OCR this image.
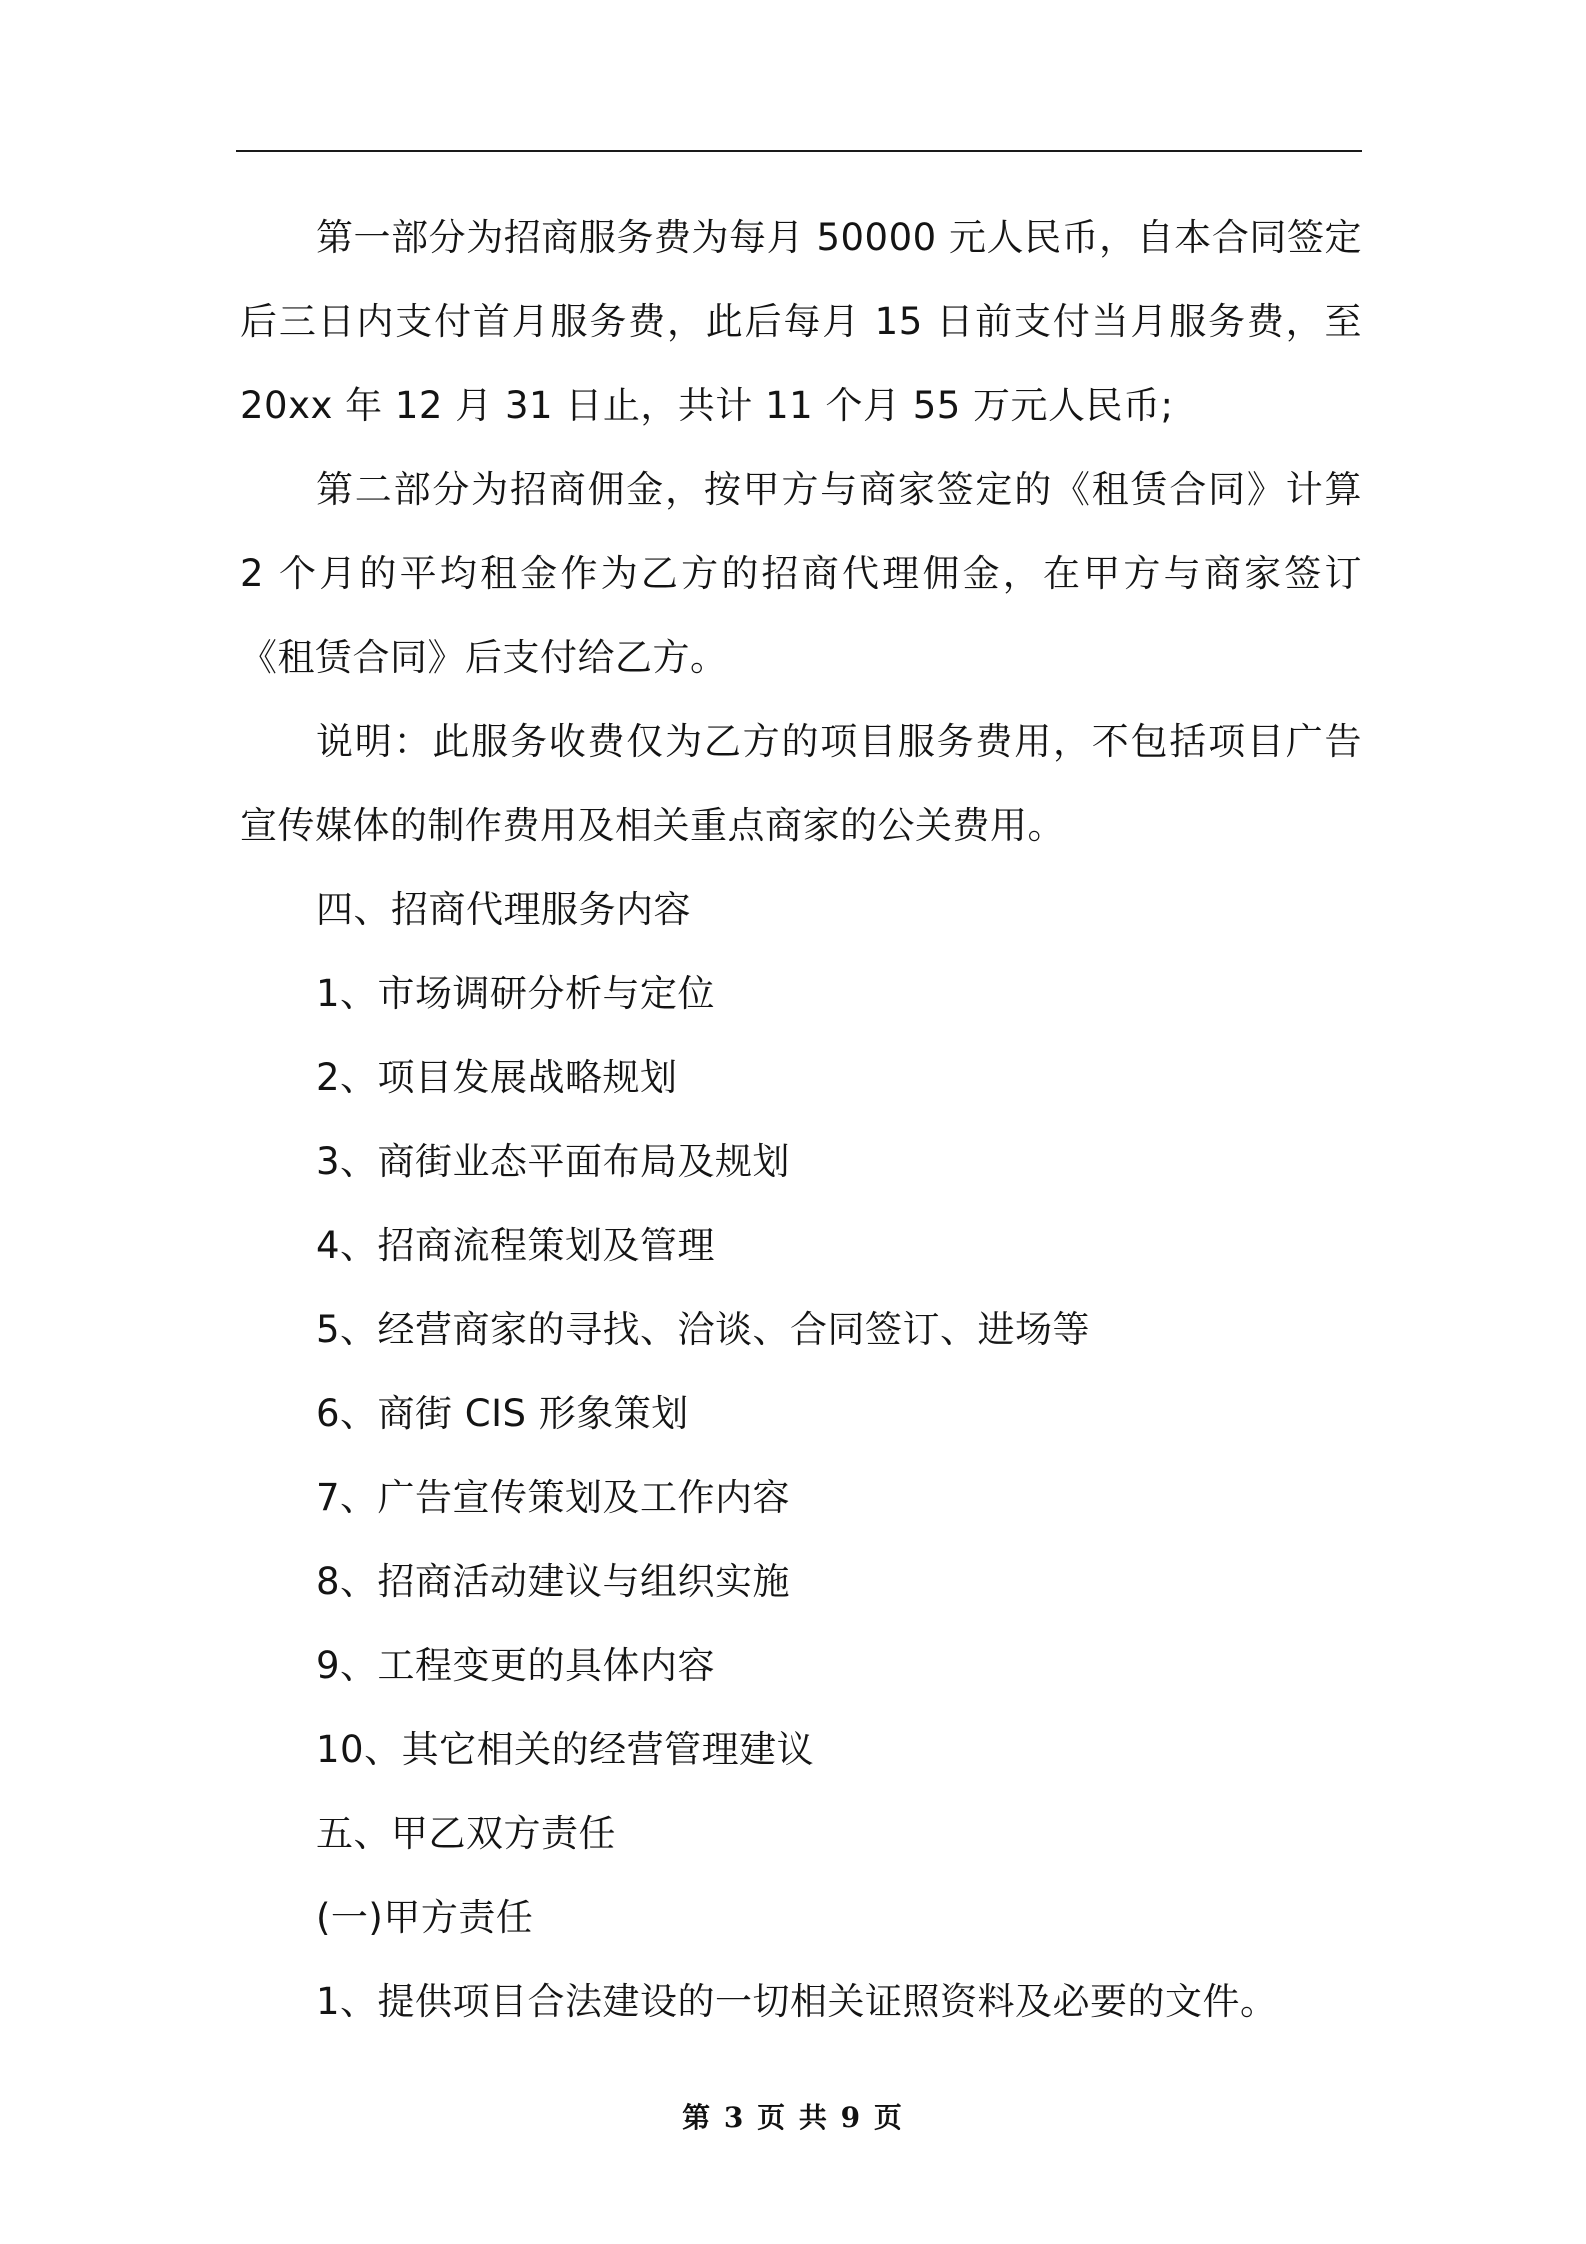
第一部分为招商服务费为每月 50000 元人民币，自本合同签定后三日内支付首月服务费，此后每月 15 日前支付当月服务费，至 20xx 年 12 月 31 日止，共计 11 个月 55 万元人民币;

第二部分为招商佣金，按甲方与商家签定的《租赁合同》计算 2 个月的平均租金作为乙方的招商代理佣金，在甲方与商家签订《租赁合同》后支付给乙方。

说明：此服务收费仅为乙方的项目服务费用，不包括项目广告宣传媒体的制作费用及相关重点商家的公关费用。

四、招商代理服务内容

1、市场调研分析与定位

2、项目发展战略规划

3、商街业态平面布局及规划

4、招商流程策划及管理

5、经营商家的寻找、洽谈、合同签订、进场等

6、商街 CIS 形象策划

7、广告宣传策划及工作内容

8、招商活动建议与组织实施

9、工程变更的具体内容

10、其它相关的经营管理建议

五、甲乙双方责任

(一)甲方责任

1、提供项目合法建设的一切相关证照资料及必要的文件。

第 3 页 共 9 页
